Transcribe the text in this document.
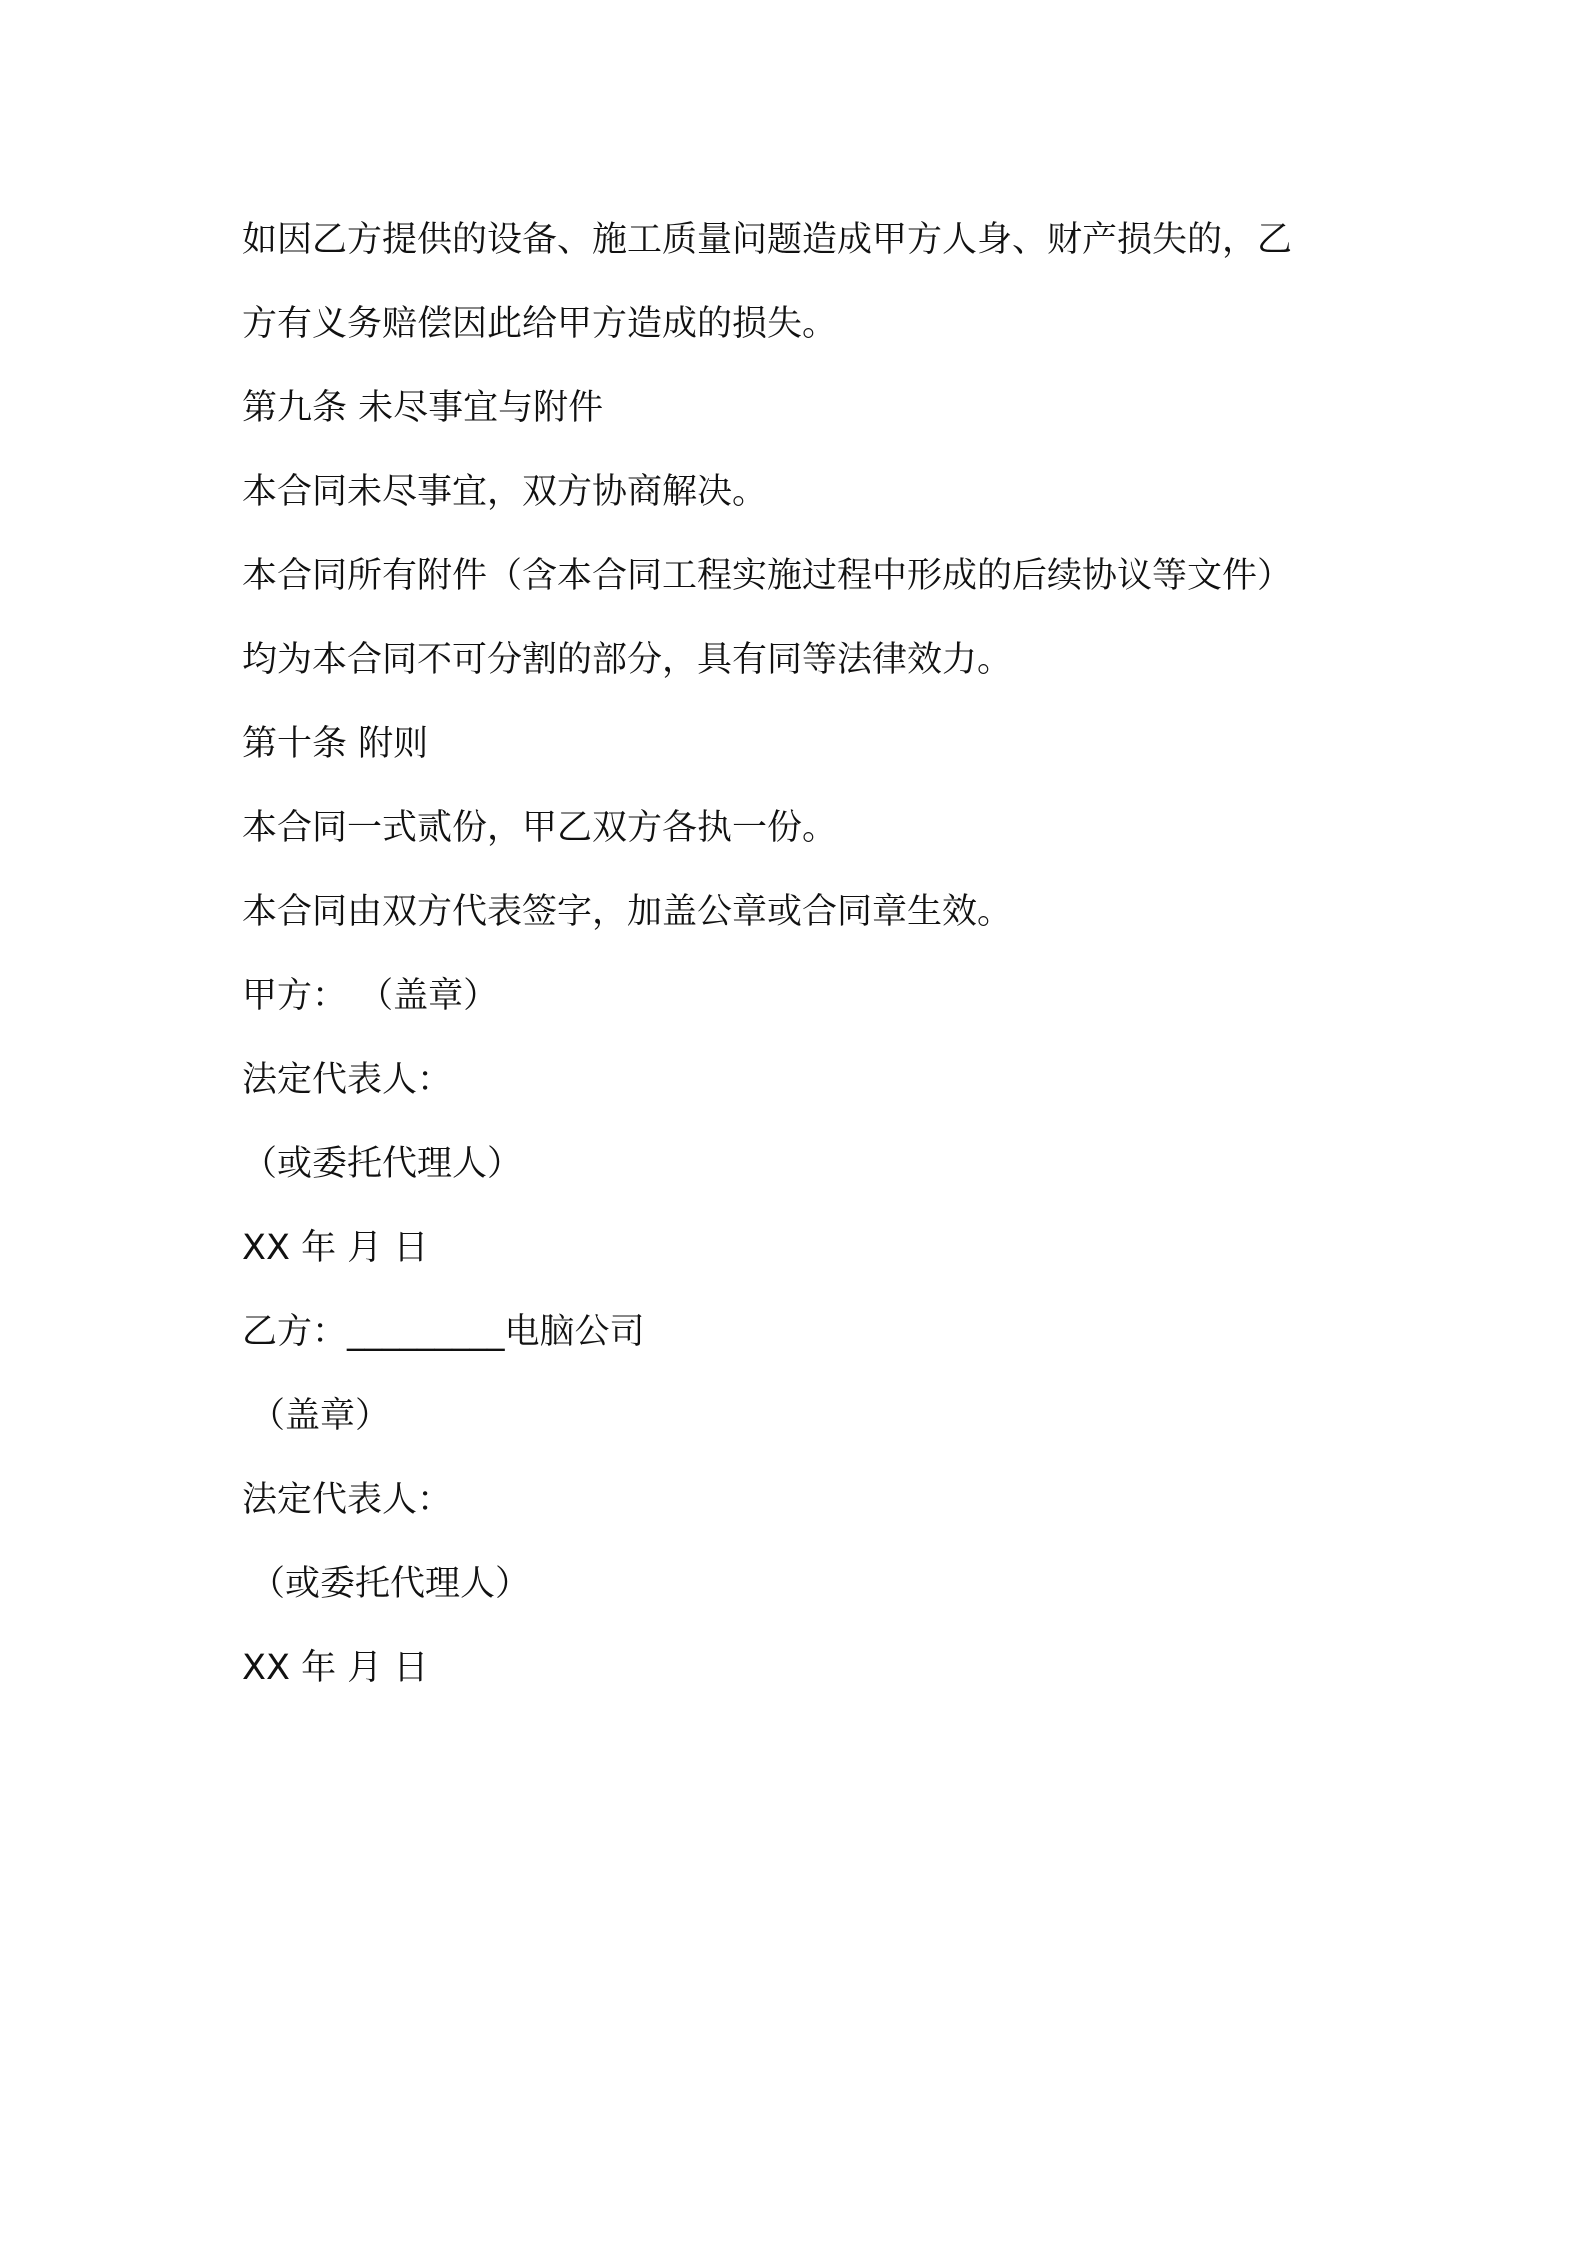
如因乙方提供的设备、施工质量问题造成甲方人身、财产损失的，乙
方有义务赔偿因此给甲方造成的损失。
第九条 未尽事宜与附件
本合同未尽事宜，双方协商解决。
本合同所有附件（含本合同工程实施过程中形成的后续协议等文件）
均为本合同不可分割的部分，具有同等法律效力。
第十条 附则
本合同一式贰份，甲乙双方各执一份。
本合同由双方代表签字，加盖公章或合同章生效。
甲方： （盖章）
法定代表人：
（或委托代理人）
XX 年 月 日
乙方：_________电脑公司
（盖章）
法定代表人：
（或委托代理人）
XX 年 月 日
